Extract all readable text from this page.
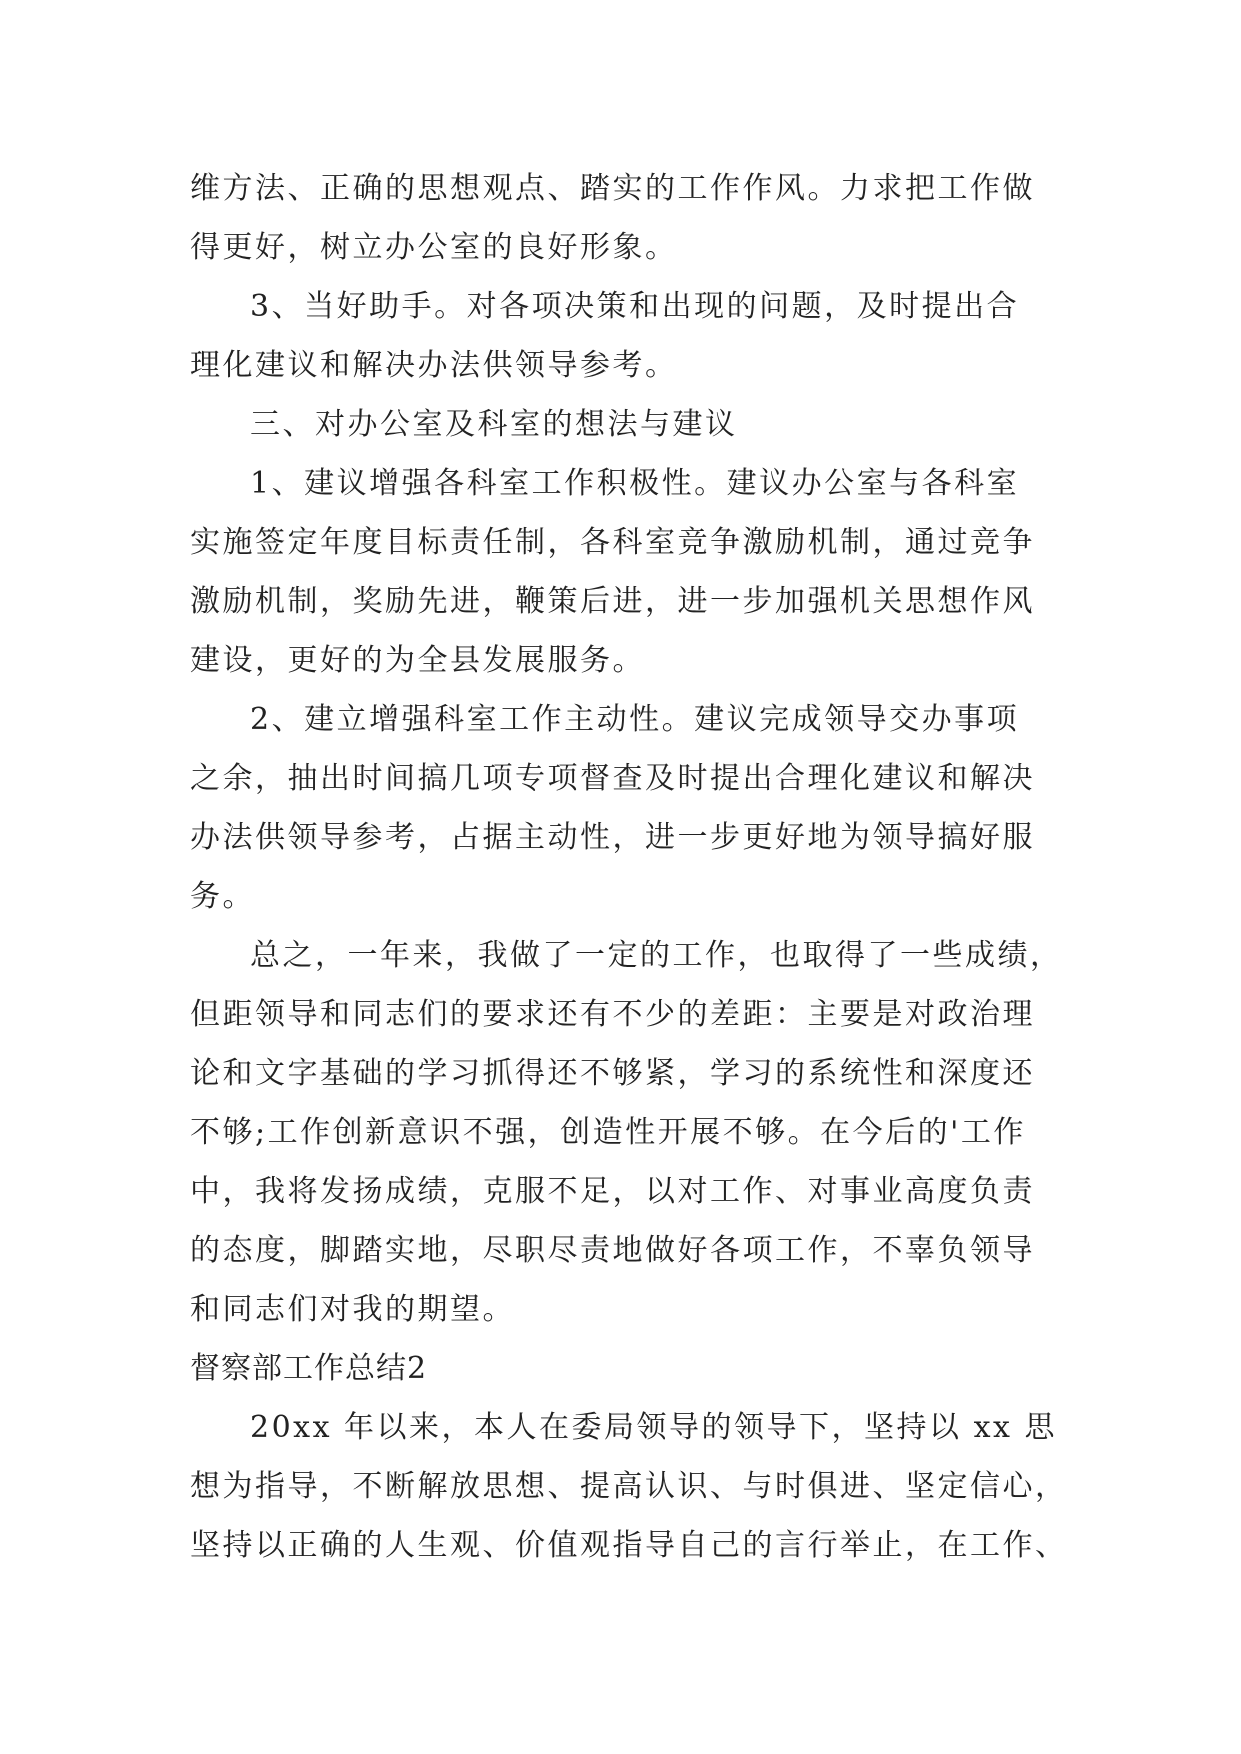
维方法、正确的思想观点、踏实的工作作风。力求把工作做
得更好，树立办公室的良好形象。
3、当好助手。对各项决策和出现的问题，及时提出合
理化建议和解决办法供领导参考。
三、对办公室及科室的想法与建议
1、建议增强各科室工作积极性。建议办公室与各科室
实施签定年度目标责任制，各科室竞争激励机制，通过竞争
激励机制，奖励先进，鞭策后进，进一步加强机关思想作风
建设，更好的为全县发展服务。
2、建立增强科室工作主动性。建议完成领导交办事项
之余，抽出时间搞几项专项督查及时提出合理化建议和解决
办法供领导参考，占据主动性，进一步更好地为领导搞好服
务。
总之，一年来，我做了一定的工作，也取得了一些成绩，
但距领导和同志们的要求还有不少的差距：主要是对政治理
论和文字基础的学习抓得还不够紧，学习的系统性和深度还
不够;工作创新意识不强，创造性开展不够。在今后的'工作
中，我将发扬成绩，克服不足，以对工作、对事业高度负责
的态度，脚踏实地，尽职尽责地做好各项工作，不辜负领导
和同志们对我的期望。
督察部工作总结2
20xx 年以来，本人在委局领导的领导下，坚持以 xx 思
想为指导，不断解放思想、提高认识、与时俱进、坚定信心，
坚持以正确的人生观、价值观指导自己的言行举止，在工作、
